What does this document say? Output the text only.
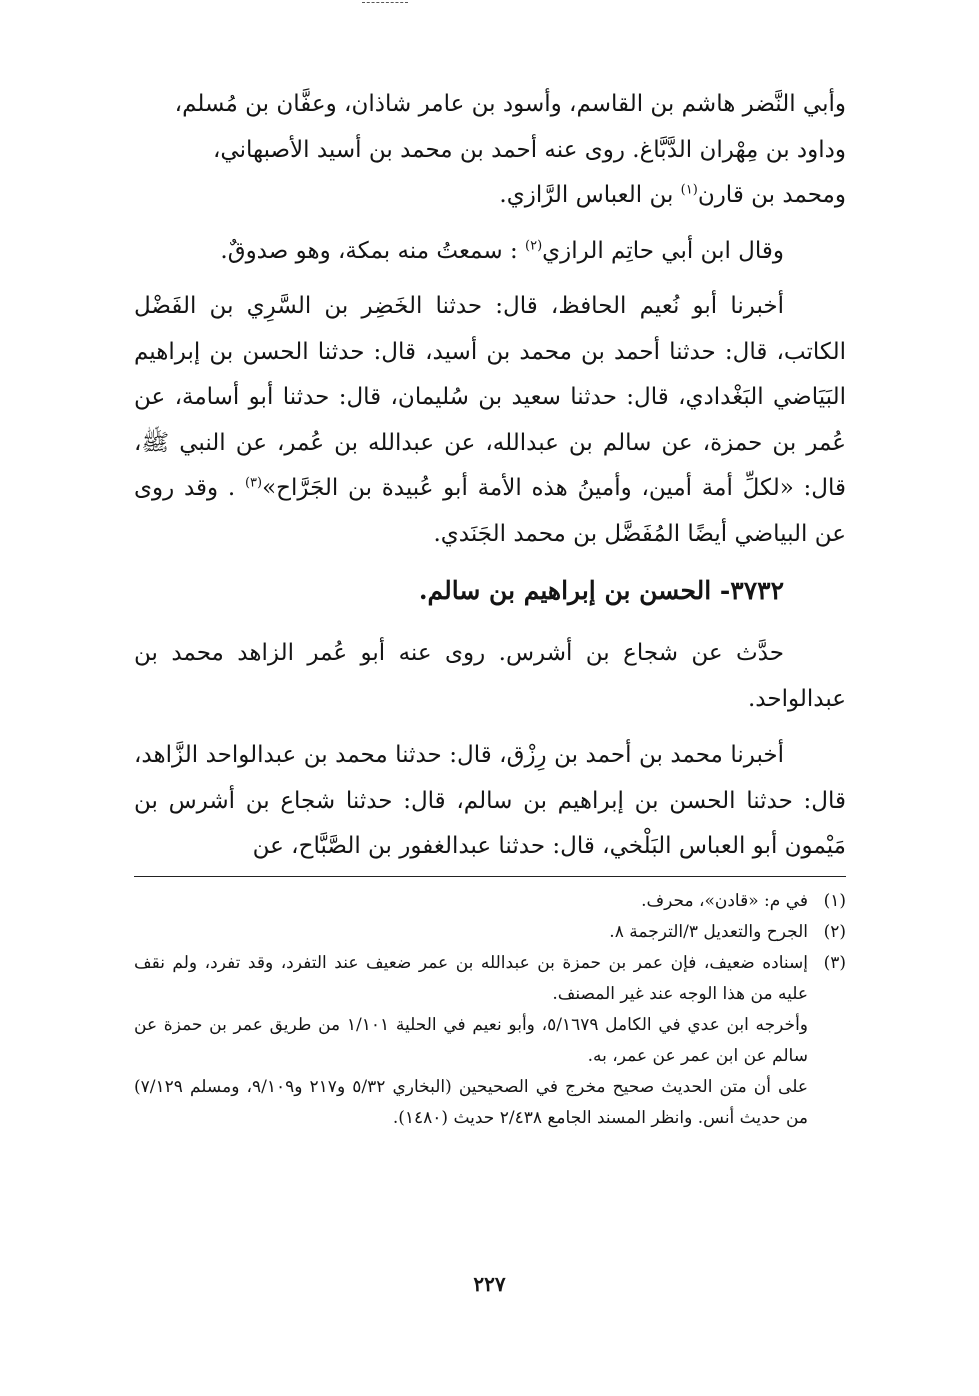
وأبي النَّضر هاشم بن القاسم، وأسود بن عامر شاذان، وعفَّان بن مُسلم،
وداود بن مِهْران الدَّبَّاغ. روى عنه أحمد بن محمد بن أسيد الأصبهاني،
ومحمد بن قارن$^{(١)}$ بن العباس الرَّازي.

وقال ابن أبي حاتِم الرازي$^{(٢)}$ : سمعتُ منه بمكة، وهو صدوقٌ.

أخبرنا أبو نُعيم الحافظ، قال: حدثنا الخَضِر بن السَّرِي بن الفَضْل الكاتب، قال: حدثنا أحمد بن محمد بن أسيد، قال: حدثنا الحسن بن إبراهيم البَيَاضي البَغْدادي، قال: حدثنا سعيد بن سُليمان، قال: حدثنا أبو أسامة، عن عُمر بن حمزة، عن سالم بن عبدالله، عن عبدالله بن عُمر، عن النبي ﷺ، قال: «لكلِّ أمة أمين، وأمينُ هذه الأمة أبو عُبيدة بن الجَرَّاح»$^{(٣)}$ . وقد روى عن البياضي أيضًا المُفَضَّل بن محمد الجَنَدي.

٣٧٣٢- الحسن بن إبراهيم بن سالم.

حدَّث عن شجاع بن أشرس. روى عنه أبو عُمر الزاهد محمد بن عبدالواحد.

أخبرنا محمد بن أحمد بن رِزْق، قال: حدثنا محمد بن عبدالواحد الزَّاهد، قال: حدثنا الحسن بن إبراهيم بن سالم، قال: حدثنا شجاع بن أشرس بن مَيْمون أبو العباس البَلْخي، قال: حدثنا عبدالغفور بن الصَّبَّاح، عن

(١)
في م: «قادن»، محرف.
(٢)
الجرح والتعديل ٣/الترجمة ٨.
(٣)
إسناده ضعيف، فإن عمر بن حمزة بن عبدالله بن عمر ضعيف عند التفرد، وقد تفرد، ولم نقف عليه من هذا الوجه عند غير المصنف.
وأخرجه ابن عدي في الكامل ٥/١٦٧٩، وأبو نعيم في الحلية ١/١٠١ من طريق عمر بن حمزة عن سالم عن ابن عمر عن عمر، به.
على أن متن الحديث صحيح مخرج في الصحيحين (البخاري ٥/٣٢ و٢١٧ و٩/١٠٩، ومسلم ٧/١٢٩) من حديث أنس. وانظر المسند الجامع ٢/٤٣٨ حديث (١٤٨٠).
٢٢٧
